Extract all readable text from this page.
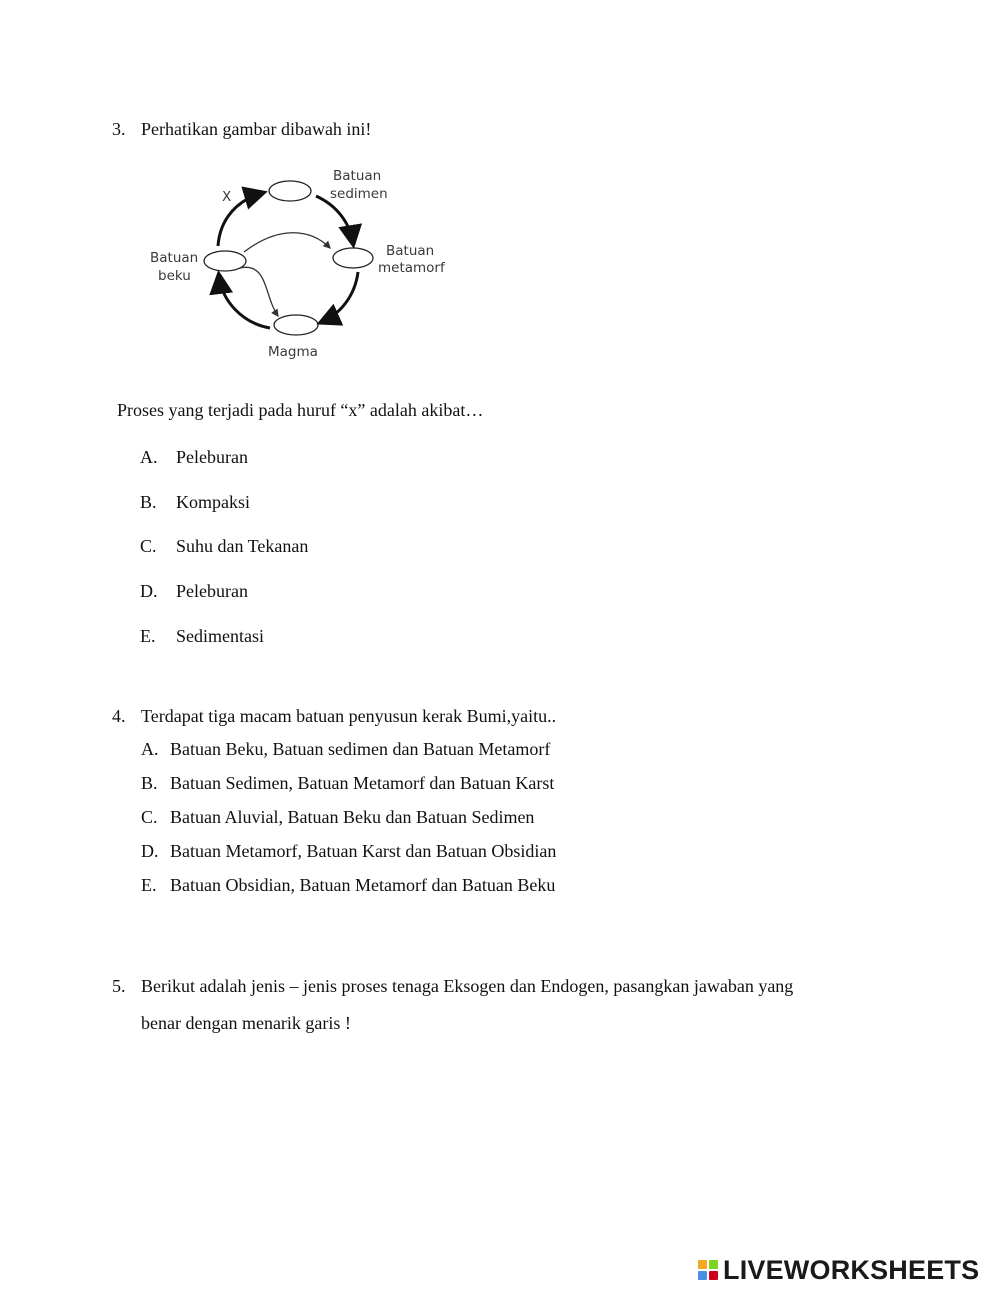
3. Perhatikan gambar dibawah ini!
X
Batuan
sedimen
Batuan
metamorf
Batuan
beku
Magma
Proses yang terjadi pada huruf “x” adalah akibat…
A. Peleburan
B. Kompaksi
C. Suhu dan Tekanan
D. Peleburan
E. Sedimentasi
4. Terdapat tiga macam batuan penyusun kerak Bumi,yaitu..
A. Batuan Beku, Batuan sedimen dan Batuan Metamorf
B. Batuan Sedimen, Batuan Metamorf dan Batuan Karst
C. Batuan Aluvial, Batuan Beku dan Batuan Sedimen
D. Batuan Metamorf, Batuan Karst dan Batuan Obsidian
E. Batuan Obsidian, Batuan Metamorf dan Batuan Beku
5. Berikut adalah jenis – jenis proses tenaga Eksogen dan Endogen, pasangkan jawaban yang
benar dengan menarik garis !
LIVEWORKSHEETS
